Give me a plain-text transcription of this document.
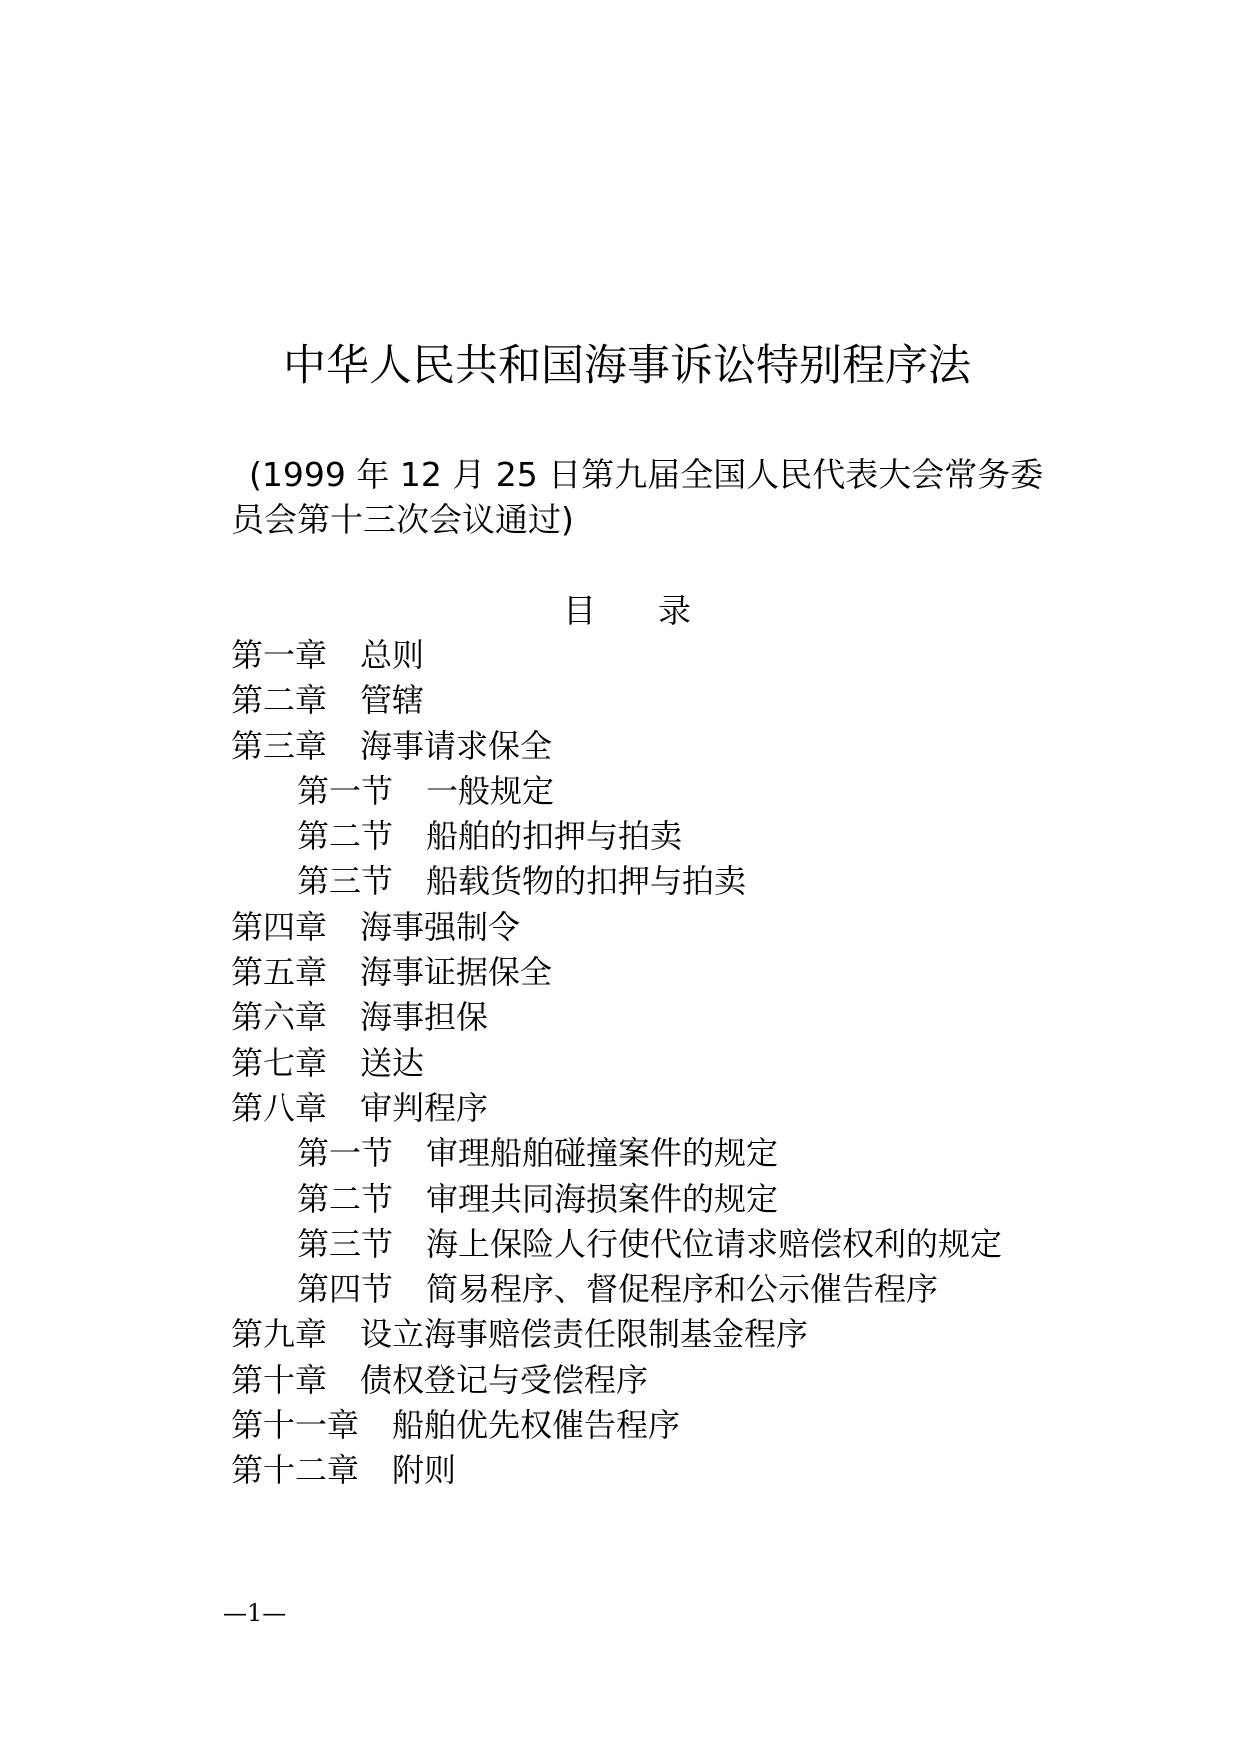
中华人民共和国海事诉讼特别程序法
(1999 年 12 月 25 日第九届全国人民代表大会常务委
员会第十三次会议通过)
目 录
第一章 总则
第二章 管辖
第三章 海事请求保全
第一节 一般规定
第二节 船舶的扣押与拍卖
第三节 船载货物的扣押与拍卖
第四章 海事强制令
第五章 海事证据保全
第六章 海事担保
第七章 送达
第八章 审判程序
第一节 审理船舶碰撞案件的规定
第二节 审理共同海损案件的规定
第三节 海上保险人行使代位请求赔偿权利的规定
第四节 简易程序、督促程序和公示催告程序
第九章 设立海事赔偿责任限制基金程序
第十章 债权登记与受偿程序
第十一章 船舶优先权催告程序
第十二章 附则
—1—
